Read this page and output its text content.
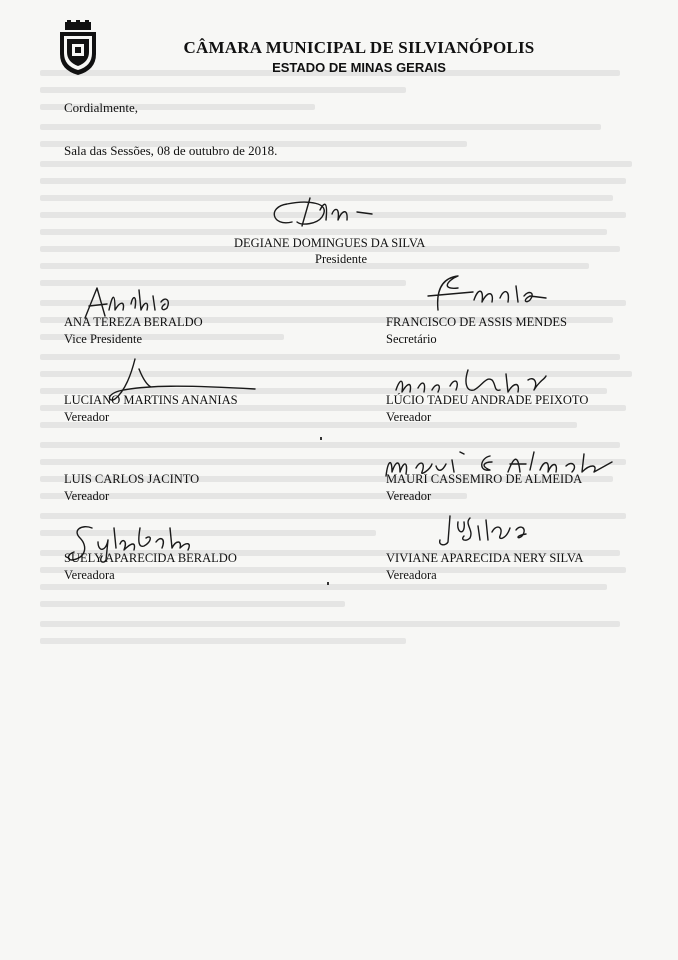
CÂMARA MUNICIPAL DE SILVIANÓPOLIS
ESTADO DE MINAS GERAIS
Cordialmente,
Sala das Sessões, 08 de outubro de 2018.
DEGIANE DOMINGUES DA SILVA
Presidente
ANA TEREZA BERALDO
Vice Presidente
FRANCISCO DE ASSIS MENDES
Secretário
LUCIANO MARTINS ANANIAS
Vereador
LÚCIO TADEU ANDRADE PEIXOTO
Vereador
LUIS CARLOS JACINTO
Vereador
MAURI CASSEMIRO DE ALMEIDA
Vereador
SUELY APARECIDA BERALDO
Vereadora
VIVIANE APARECIDA NERY SILVA
Vereadora
